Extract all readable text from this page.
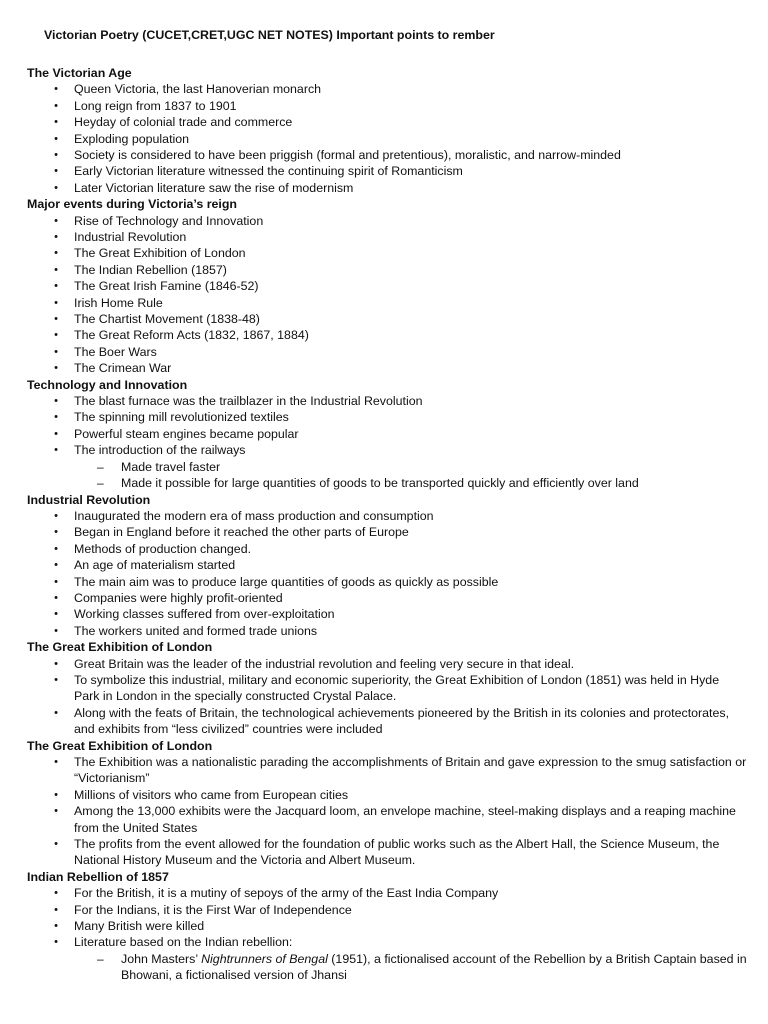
Victorian Poetry (CUCET,CRET,UGC NET NOTES) Important points to rember
The Victorian Age
• Queen Victoria, the last Hanoverian monarch
• Long reign from 1837 to 1901
• Heyday of colonial trade and commerce
• Exploding population
• Society is considered to have been priggish (formal and pretentious), moralistic, and narrow-minded
• Early Victorian literature witnessed the continuing spirit of Romanticism
• Later Victorian literature saw the rise of modernism
Major events during Victoria’s reign
• Rise of Technology and Innovation
• Industrial Revolution
• The Great Exhibition of London
• The Indian Rebellion (1857)
• The Great Irish Famine (1846-52)
• Irish Home Rule
• The Chartist Movement (1838-48)
• The Great Reform Acts (1832, 1867, 1884)
• The Boer Wars
• The Crimean War
Technology and Innovation
• The blast furnace was the trailblazer in the Industrial Revolution
• The spinning mill revolutionized textiles
• Powerful steam engines became popular
• The introduction of the railways
– Made travel faster
– Made it possible for large quantities of goods to be transported quickly and efficiently over land
Industrial Revolution
• Inaugurated the modern era of mass production and consumption
• Began in England before it reached the other parts of Europe
• Methods of production changed.
• An age of materialism started
• The main aim was to produce large quantities of goods as quickly as possible
• Companies were highly profit-oriented
• Working classes suffered from over-exploitation
• The workers united and formed trade unions
The Great Exhibition of London
• Great Britain was the leader of the industrial revolution and feeling very secure in that ideal.
• To symbolize this industrial, military and economic superiority, the Great Exhibition of London (1851) was held in Hyde Park in London in the specially constructed Crystal Palace.
• Along with the feats of Britain, the technological achievements pioneered by the British in its colonies and protectorates, and exhibits from “less civilized” countries were included
The Great Exhibition of London
• The Exhibition was a nationalistic parading the accomplishments of Britain and gave expression to the smug satisfaction or “Victorianism”
• Millions of visitors who came from European cities
• Among the 13,000 exhibits were the Jacquard loom, an envelope machine, steel-making displays and a reaping machine from the United States
• The profits from the event allowed for the foundation of public works such as the Albert Hall, the Science Museum, the National History Museum and the Victoria and Albert Museum.
Indian Rebellion of 1857
• For the British, it is a mutiny of sepoys of the army of the East India Company
• For the Indians, it is the First War of Independence
• Many British were killed
• Literature based on the Indian rebellion:
– John Masters’ Nightrunners of Bengal (1951), a fictionalised account of the Rebellion by a British Captain based in Bhowani, a fictionalised version of Jhansi
